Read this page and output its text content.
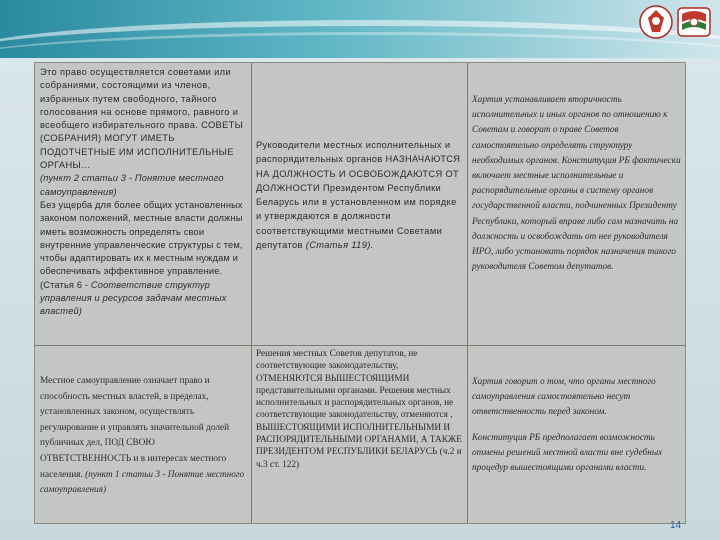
Это право осуществляется советами или собраниями, состоящими из членов, избранных путем свободного, тайного голосования на основе прямого, равного и всеобщего избирательного права. СОВЕТЫ (СОБРАНИЯ) МОГУТ ИМЕТЬ ПОДОТЧЕТНЫЕ ИМ ИСПОЛНИТЕЛЬНЫЕ ОРГАНЫ…

(пункт 2 статьи 3 - Понятие местного самоуправления)

Без ущерба для более общих установленных законом положений, местные власти должны иметь возможность определять свои внутренние управленческие структуры с тем, чтобы адаптировать их к местным нуждам и обеспечивать эффективное управление. (Статья 6 - Соответствие структур управления и ресурсов задачам местных властей)

Руководители местных исполнительных и распорядительных органов НАЗНАЧАЮТСЯ НА ДОЛЖНОСТЬ И ОСВОБОЖДАЮТСЯ ОТ ДОЛЖНОСТИ Президентом Республики Беларусь или в установленном им порядке и утверждаются в должности соответствующими местными Советами депутатов (Статья 119).

Хартия устанавливает вторичность исполнительных и иных органов по отношению к Советам и говорит о праве Советов самостоятельно определять структуру необходимых органов. Конституция РБ фактически включает местные исполнительные и распорядительные органы в систему органов государственной власти, подчиненных Президенту Республики, который вправе либо сам назначить на должность и освобождать от нее руководителя ИРО, либо установить порядок назначения такого руководителя Советом депутатов.

Местное самоуправление означает право и способность местных властей, в пределах, установленных законом, осуществлять регулирование и управлять значительной долей публичных дел, ПОД СВОЮ ОТВЕТСТВЕННОСТЬ и в интересах местного населения. (пункт 1 статьи 3 - Понятие местного самоуправления)

Решения местных Советов депутатов, не соответствующие законодательству, ОТМЕНЯЮТСЯ ВЫШЕСТОЯЩИМИ представительными органами. Решения местных исполнительных и распорядительных органов, не соответствующие законодательству, отменяются , ВЫШЕСТОЯЩИМИ ИСПОЛНИТЕЛЬНЫМИ И РАСПОРЯДИТЕЛЬНЫМИ ОРГАНАМИ, А ТАКЖЕ ПРЕЗИДЕНТОМ РЕСПУБЛИКИ БЕЛАРУСЬ (ч.2 и ч.3 ст. 122)

Хартия говорит о том, что органы местного самоуправления самостоятельно несут ответственность перед законом.

Конституция РБ предполагает возможность отмены решений местной власти вне судебных процедур вышестоящими органами власти.

14
